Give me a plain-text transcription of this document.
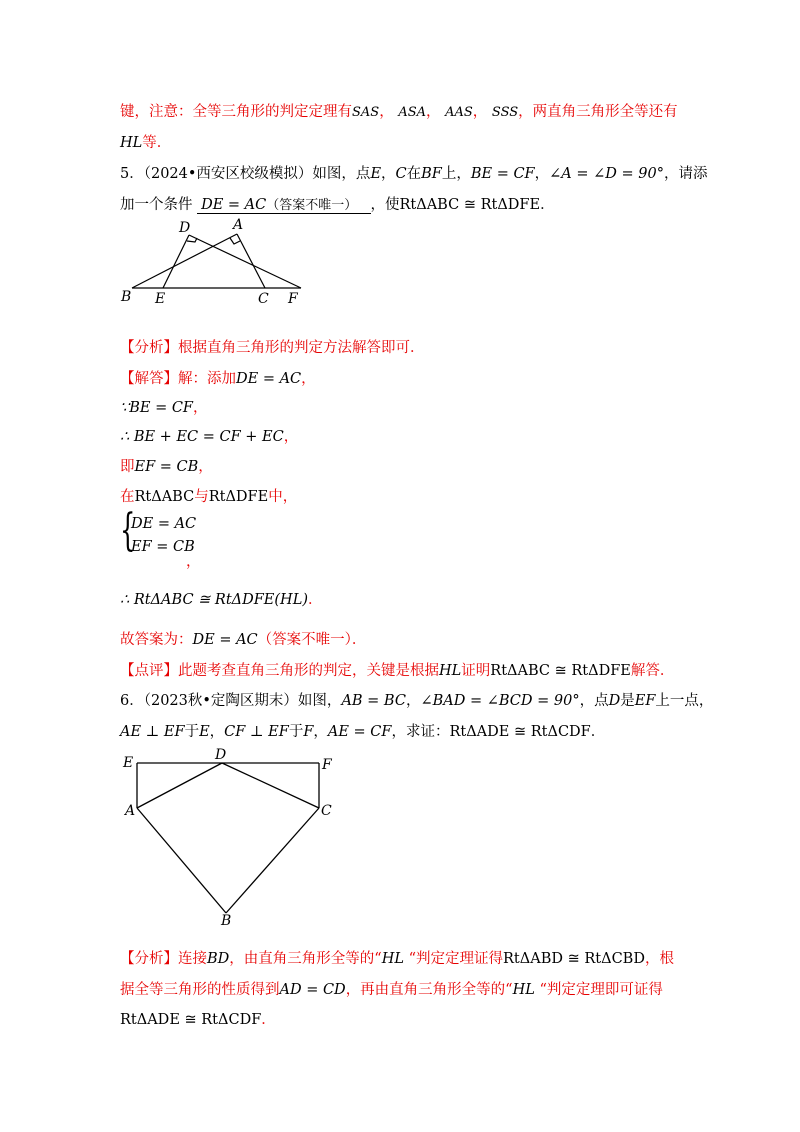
键，注意：全等三角形的判定定理有SAS， ASA， AAS， SSS，两直角三角形全等还有
HL等．
5．（2024•西安区校级模拟）如图，点E，C在BF上，BE = CF，∠A = ∠D = 90°，请添
加一个条件 DE = AC（答案不唯一） ，使RtΔABC ≅ RtΔDFE．
D	A
B E	C F
【分析】根据直角三角形的判定方法解答即可．
【解答】解：添加DE = AC，
∵BE = CF，
∴ BE + EC = CF + EC，
即EF = CB，
在RtΔABC与RtΔDFE中，
{
DE = AC
EF = CB
，
∴ RtΔABC ≅ RtΔDFE(HL)．
故答案为：DE = AC（答案不唯一）．
【点评】此题考查直角三角形的判定，关键是根据HL证明RtΔABC ≅ RtΔDFE解答．
6．（2023秋•定陶区期末）如图，AB = BC，∠BAD = ∠BCD = 90°，点D是EF上一点，
AE ⊥ EF于E，CF ⊥ EF于F，AE = CF，求证：RtΔADE ≅ RtΔCDF．
E	D
F
A	C
B
【分析】连接BD，由直角三角形全等的“HL “判定定理证得RtΔABD ≅ RtΔCBD，根
据全等三角形的性质得到AD = CD，再由直角三角形全等的“HL “判定定理即可证得
RtΔADE ≅ RtΔCDF．
